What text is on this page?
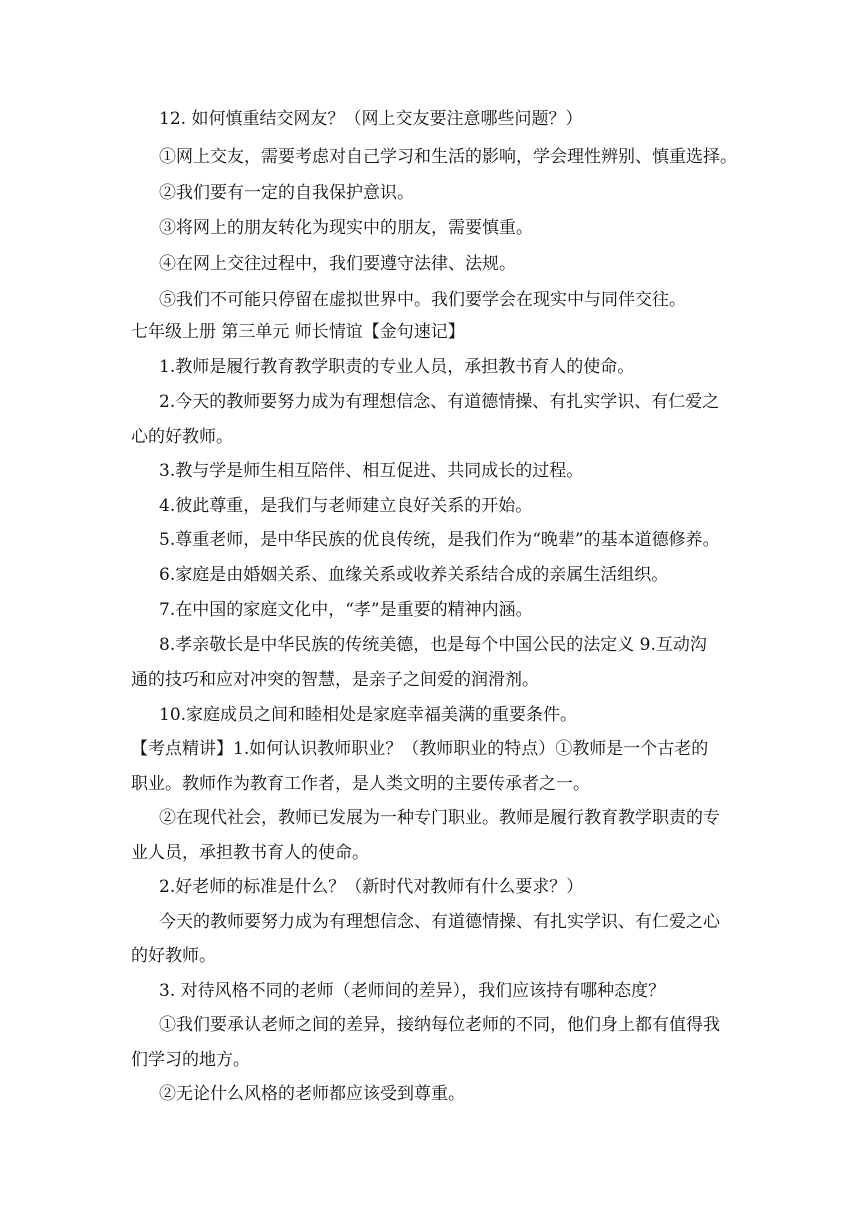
12. 如何慎重结交网友？（网上交友要注意哪些问题？）
①网上交友，需要考虑对自己学习和生活的影响，学会理性辨别、慎重选择。
②我们要有一定的自我保护意识。
③将网上的朋友转化为现实中的朋友，需要慎重。
④在网上交往过程中，我们要遵守法律、法规。
⑤我们不可能只停留在虚拟世界中。我们要学会在现实中与同伴交往。
七年级上册 第三单元 师长情谊【金句速记】
1.教师是履行教育教学职责的专业人员，承担教书育人的使命。
2.今天的教师要努力成为有理想信念、有道德情操、有扎实学识、有仁爱之
心的好教师。
3.教与学是师生相互陪伴、相互促进、共同成长的过程。
4.彼此尊重，是我们与老师建立良好关系的开始。
5.尊重老师，是中华民族的优良传统，是我们作为“晚辈”的基本道德修养。
6.家庭是由婚姻关系、血缘关系或收养关系结合成的亲属生活组织。
7.在中国的家庭文化中，“孝”是重要的精神内涵。
8.孝亲敬长是中华民族的传统美德，也是每个中国公民的法定义 9.互动沟
通的技巧和应对冲突的智慧，是亲子之间爱的润滑剂。
10.家庭成员之间和睦相处是家庭幸福美满的重要条件。
【考点精讲】1.如何认识教师职业？（教师职业的特点）①教师是一个古老的
职业。教师作为教育工作者，是人类文明的主要传承者之一。
②在现代社会，教师已发展为一种专门职业。教师是履行教育教学职责的专
业人员，承担教书育人的使命。
2.好老师的标准是什么？（新时代对教师有什么要求？）
今天的教师要努力成为有理想信念、有道德情操、有扎实学识、有仁爱之心
的好教师。
3. 对待风格不同的老师（老师间的差异），我们应该持有哪种态度？
①我们要承认老师之间的差异，接纳每位老师的不同，他们身上都有值得我
们学习的地方。
②无论什么风格的老师都应该受到尊重。
